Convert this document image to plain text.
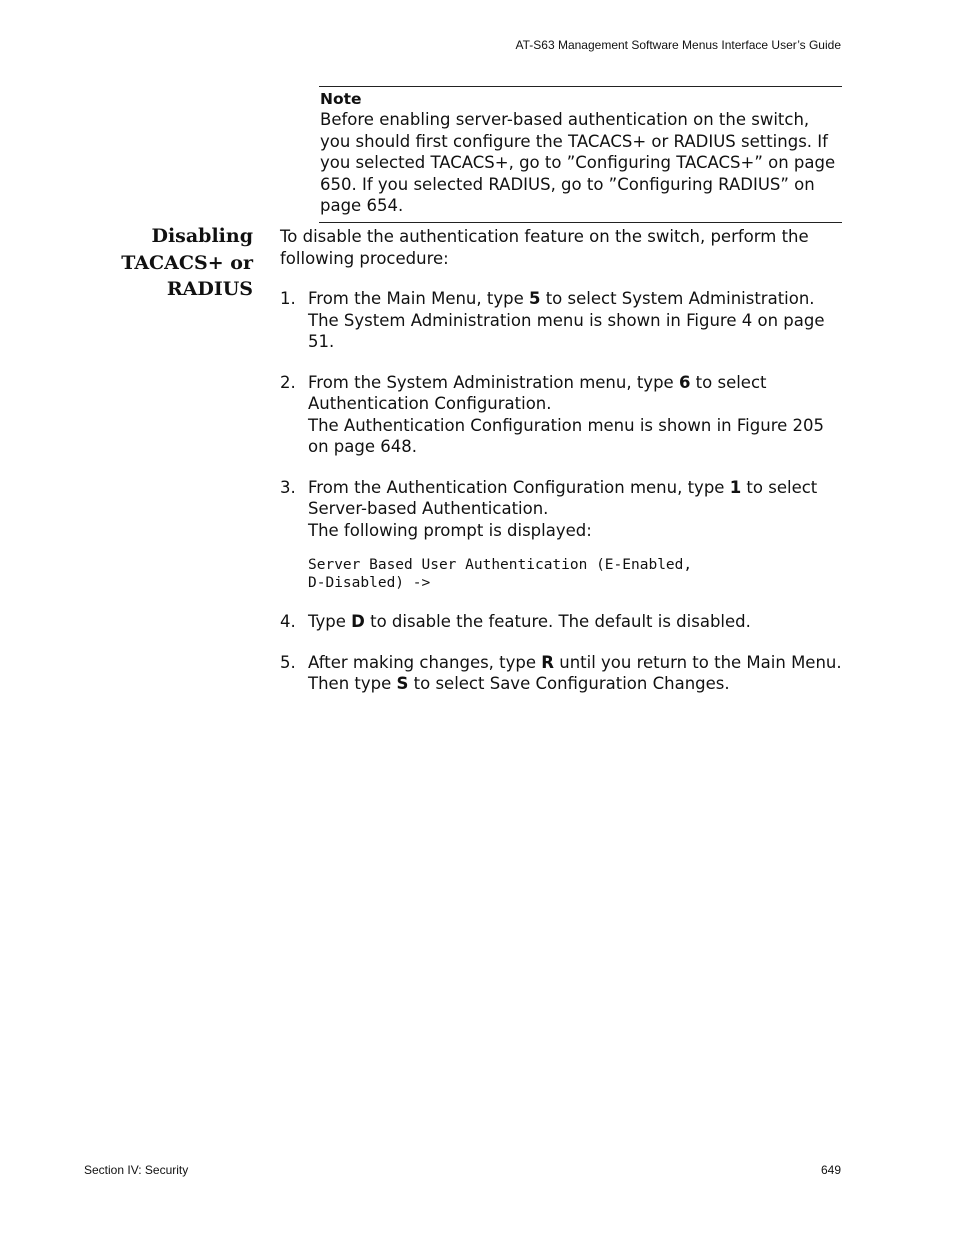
AT-S63 Management Software Menus Interface User’s Guide
Note
Before enabling server-based authentication on the switch, you should first configure the TACACS+ or RADIUS settings. If you selected TACACS+, go to ”Configuring TACACS+” on page 650. If you selected RADIUS, go to ”Configuring RADIUS” on page 654.
Disabling
TACACS+ or
RADIUS

To disable the authentication feature on the switch, perform the following procedure:

1. From the Main Menu, type 5 to select System Administration.

The System Administration menu is shown in Figure 4 on page 51.

2. From the System Administration menu, type 6 to select Authentication Configuration.

The Authentication Configuration menu is shown in Figure 205 on page 648.

3. From the Authentication Configuration menu, type 1 to select Server-based Authentication.

The following prompt is displayed:

Server Based User Authentication (E-Enabled,
D-Disabled) ->
4. Type D to disable the feature. The default is disabled.

5. After making changes, type R until you return to the Main Menu. Then type S to select Save Configuration Changes.

Section IV: Security	649
